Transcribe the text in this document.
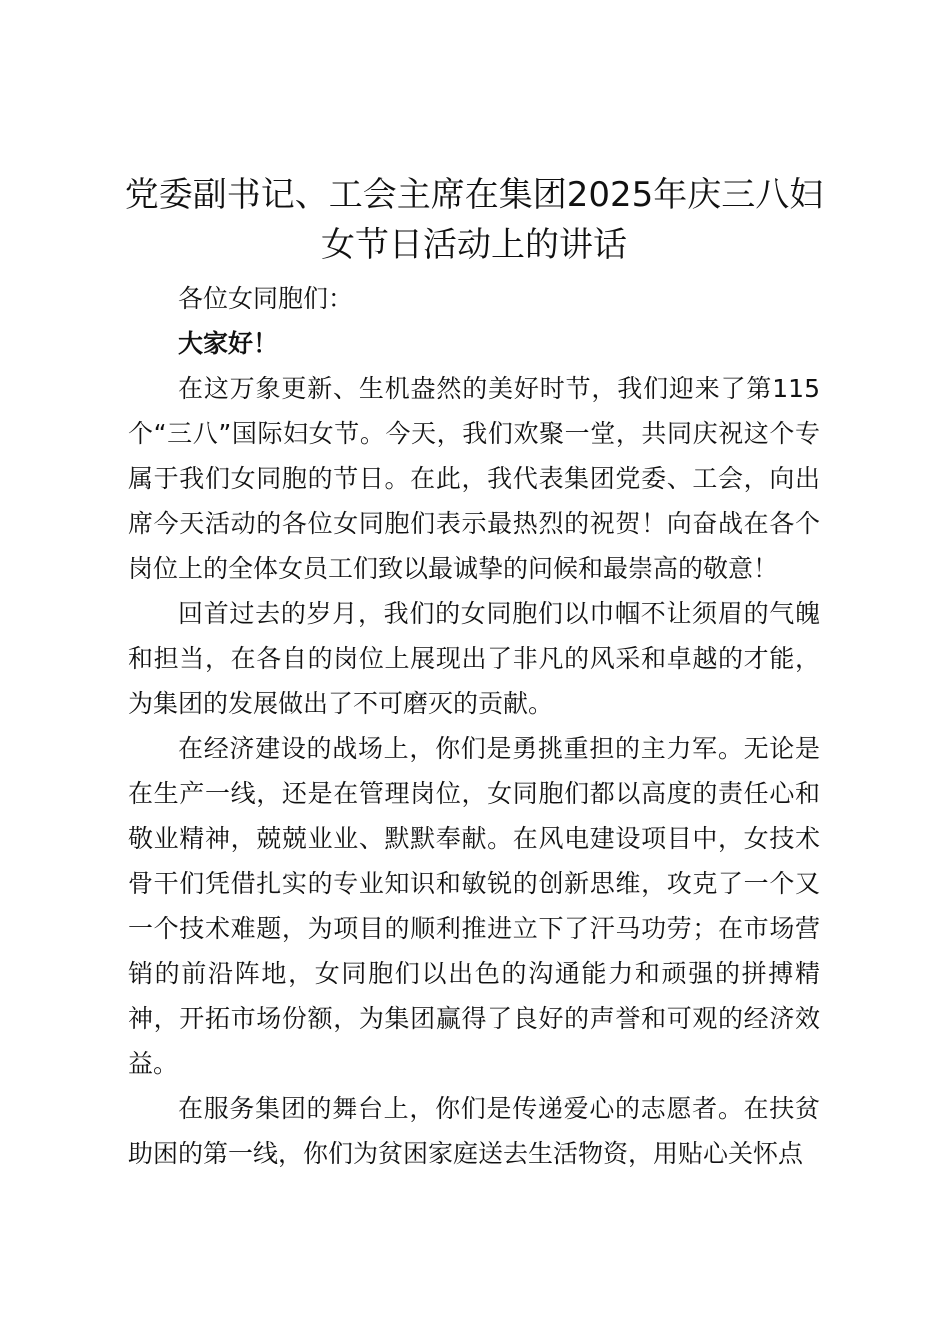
党委副书记、工会主席在集团2025年庆三八妇女节日活动上的讲话

各位女同胞们：

大家好！

在这万象更新、生机盎然的美好时节，我们迎来了第115个“三八”国际妇女节。今天，我们欢聚一堂，共同庆祝这个专属于我们女同胞的节日。在此，我代表集团党委、工会，向出席今天活动的各位女同胞们表示最热烈的祝贺！向奋战在各个岗位上的全体女员工们致以最诚挚的问候和最崇高的敬意！

回首过去的岁月，我们的女同胞们以巾帼不让须眉的气魄和担当，在各自的岗位上展现出了非凡的风采和卓越的才能，为集团的发展做出了不可磨灭的贡献。

在经济建设的战场上，你们是勇挑重担的主力军。无论是在生产一线，还是在管理岗位，女同胞们都以高度的责任心和敬业精神，兢兢业业、默默奉献。在风电建设项目中，女技术骨干们凭借扎实的专业知识和敏锐的创新思维，攻克了一个又一个技术难题，为项目的顺利推进立下了汗马功劳；在市场营销的前沿阵地，女同胞们以出色的沟通能力和顽强的拼搏精神，开拓市场份额，为集团赢得了良好的声誉和可观的经济效益。

在服务集团的舞台上，你们是传递爱心的志愿者。在扶贫助困的第一线，你们为贫困家庭送去生活物资，用贴心关怀点
